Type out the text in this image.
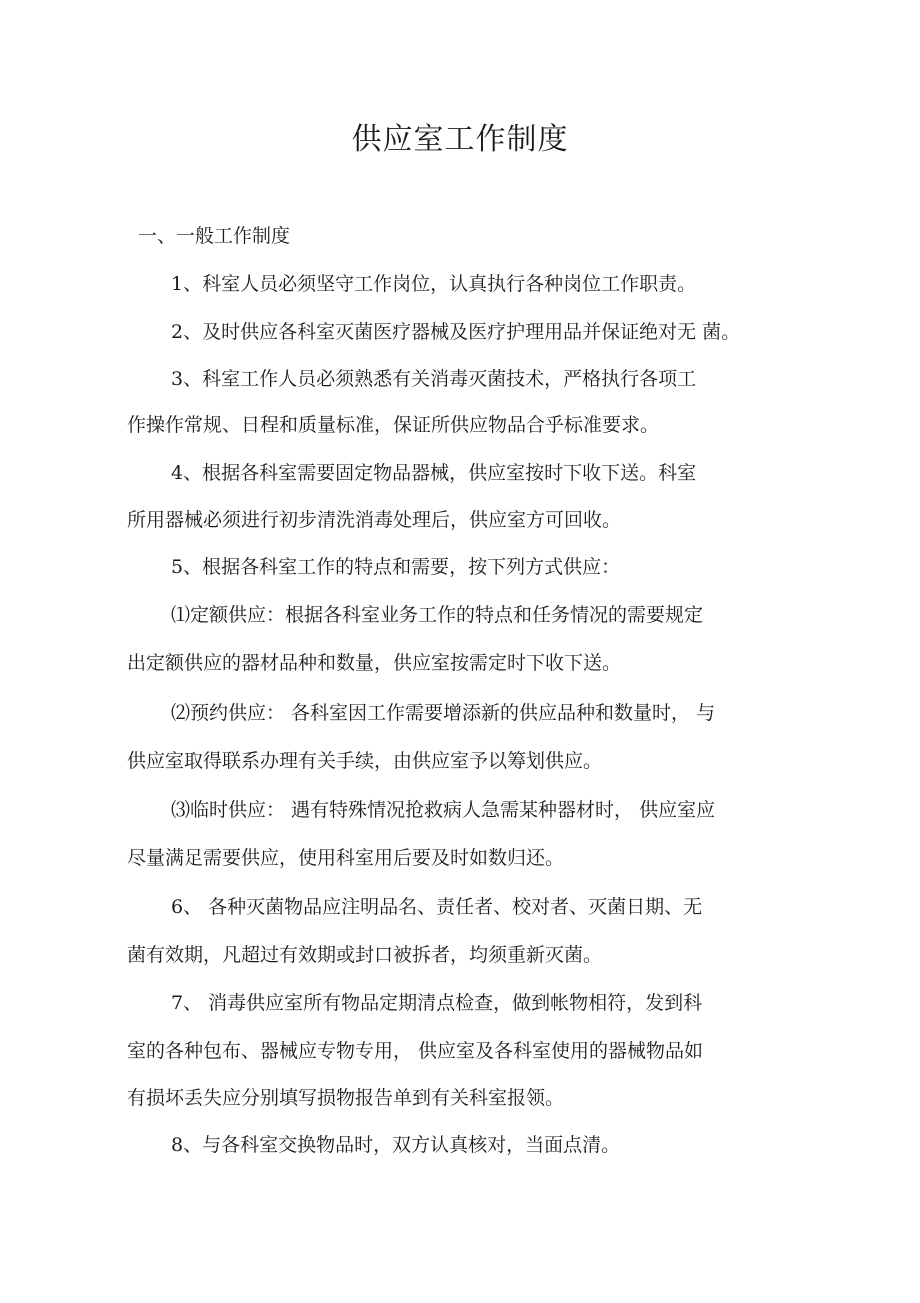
供应室工作制度
一、一般工作制度
1、科室人员必须坚守工作岗位，认真执行各种岗位工作职责。
2、及时供应各科室灭菌医疗器械及医疗护理用品并保证绝对无 菌。
3、科室工作人员必须熟悉有关消毒灭菌技术，严格执行各项工
作操作常规、日程和质量标准，保证所供应物品合乎标准要求。
4、根据各科室需要固定物品器械，供应室按时下收下送。科室
所用器械必须进行初步清洗消毒处理后，供应室方可回收。
5、根据各科室工作的特点和需要，按下列方式供应：
⑴定额供应：根据各科室业务工作的特点和任务情况的需要规定
出定额供应的器材品种和数量，供应室按需定时下收下送。
⑵预约供应： 各科室因工作需要增添新的供应品种和数量时， 与
供应室取得联系办理有关手续，由供应室予以筹划供应。
⑶临时供应： 遇有特殊情况抢救病人急需某种器材时， 供应室应
尽量满足需要供应，使用科室用后要及时如数归还。
6、 各种灭菌物品应注明品名、责任者、校对者、灭菌日期、无
菌有效期，凡超过有效期或封口被拆者，均须重新灭菌。
7、 消毒供应室所有物品定期清点检查，做到帐物相符，发到科
室的各种包布、器械应专物专用， 供应室及各科室使用的器械物品如
有损坏丢失应分别填写损物报告单到有关科室报领。
8、与各科室交换物品时，双方认真核对，当面点清。
